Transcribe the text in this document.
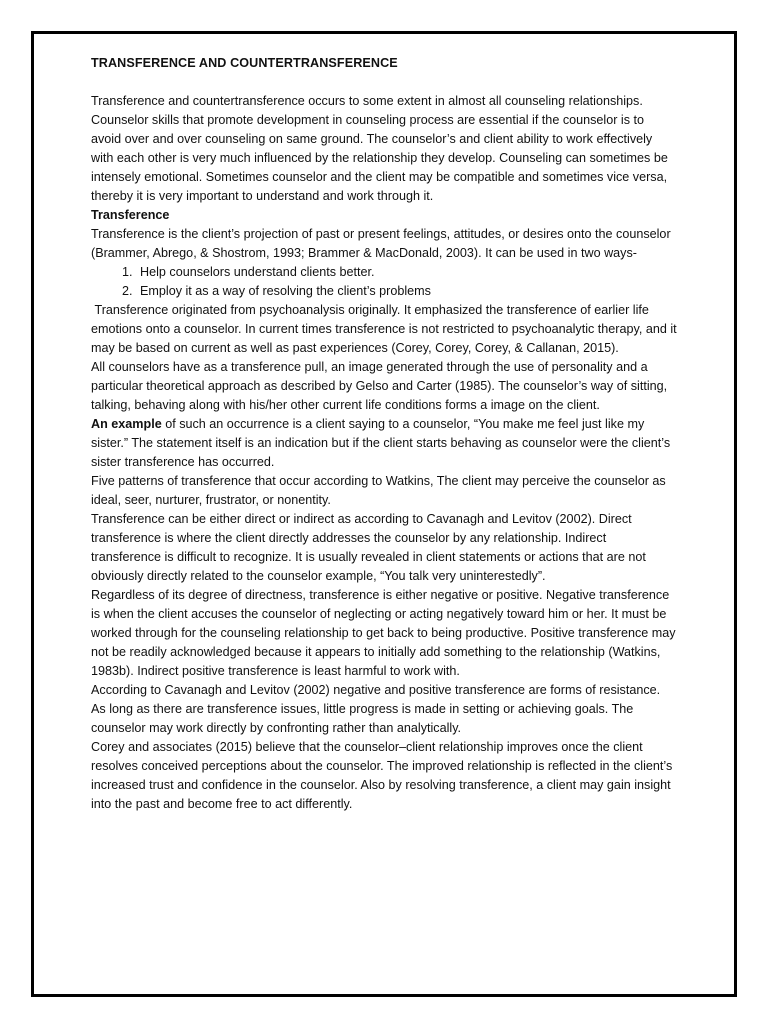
TRANSFERENCE AND COUNTERTRANSFERENCE

Transference and countertransference occurs to some extent in almost all counseling relationships. Counselor skills that promote development in counseling process are essential if the counselor is to avoid over and over counseling on same ground. The counselor’s and client ability to work effectively with each other is very much influenced by the relationship they develop. Counseling can sometimes be intensely emotional. Sometimes counselor and the client may be compatible and sometimes vice versa, thereby it is very important to understand and work through it.

Transference

Transference is the client’s projection of past or present feelings, attitudes, or desires onto the counselor (Brammer, Abrego, & Shostrom, 1993; Brammer & MacDonald, 2003). It can be used in two ways-

1. Help counselors understand clients better.
2. Employ it as a way of resolving the client’s problems

Transference originated from psychoanalysis originally. It emphasized the transference of earlier life emotions onto a counselor. In current times transference is not restricted to psychoanalytic therapy, and it may be based on current as well as past experiences (Corey, Corey, Corey, & Callanan, 2015).

All counselors have as a transference pull, an image generated through the use of personality and a particular theoretical approach as described by Gelso and Carter (1985). The counselor’s way of sitting, talking, behaving along with his/her other current life conditions forms a image on the client.

An example of such an occurrence is a client saying to a counselor, “You make me feel just like my sister.” The statement itself is an indication but if the client starts behaving as counselor were the client’s sister transference has occurred.

Five patterns of transference that occur according to Watkins, The client may perceive the counselor as ideal, seer, nurturer, frustrator, or nonentity.

Transference can be either direct or indirect as according to Cavanagh and Levitov (2002). Direct transference is where the client directly addresses the counselor by any relationship. Indirect transference is difficult to recognize. It is usually revealed in client statements or actions that are not obviously directly related to the counselor example, “You talk very uninterestedly”.

Regardless of its degree of directness, transference is either negative or positive. Negative transference is when the client accuses the counselor of neglecting or acting negatively toward him or her. It must be worked through for the counseling relationship to get back to being productive. Positive transference may not be readily acknowledged because it appears to initially add something to the relationship (Watkins, 1983b). Indirect positive transference is least harmful to work with.

According to Cavanagh and Levitov (2002) negative and positive transference are forms of resistance. As long as there are transference issues, little progress is made in setting or achieving goals. The counselor may work directly by confronting rather than analytically.

Corey and associates (2015) believe that the counselor–client relationship improves once the client resolves conceived perceptions about the counselor. The improved relationship is reflected in the client’s increased trust and confidence in the counselor. Also by resolving transference, a client may gain insight into the past and become free to act differently.
